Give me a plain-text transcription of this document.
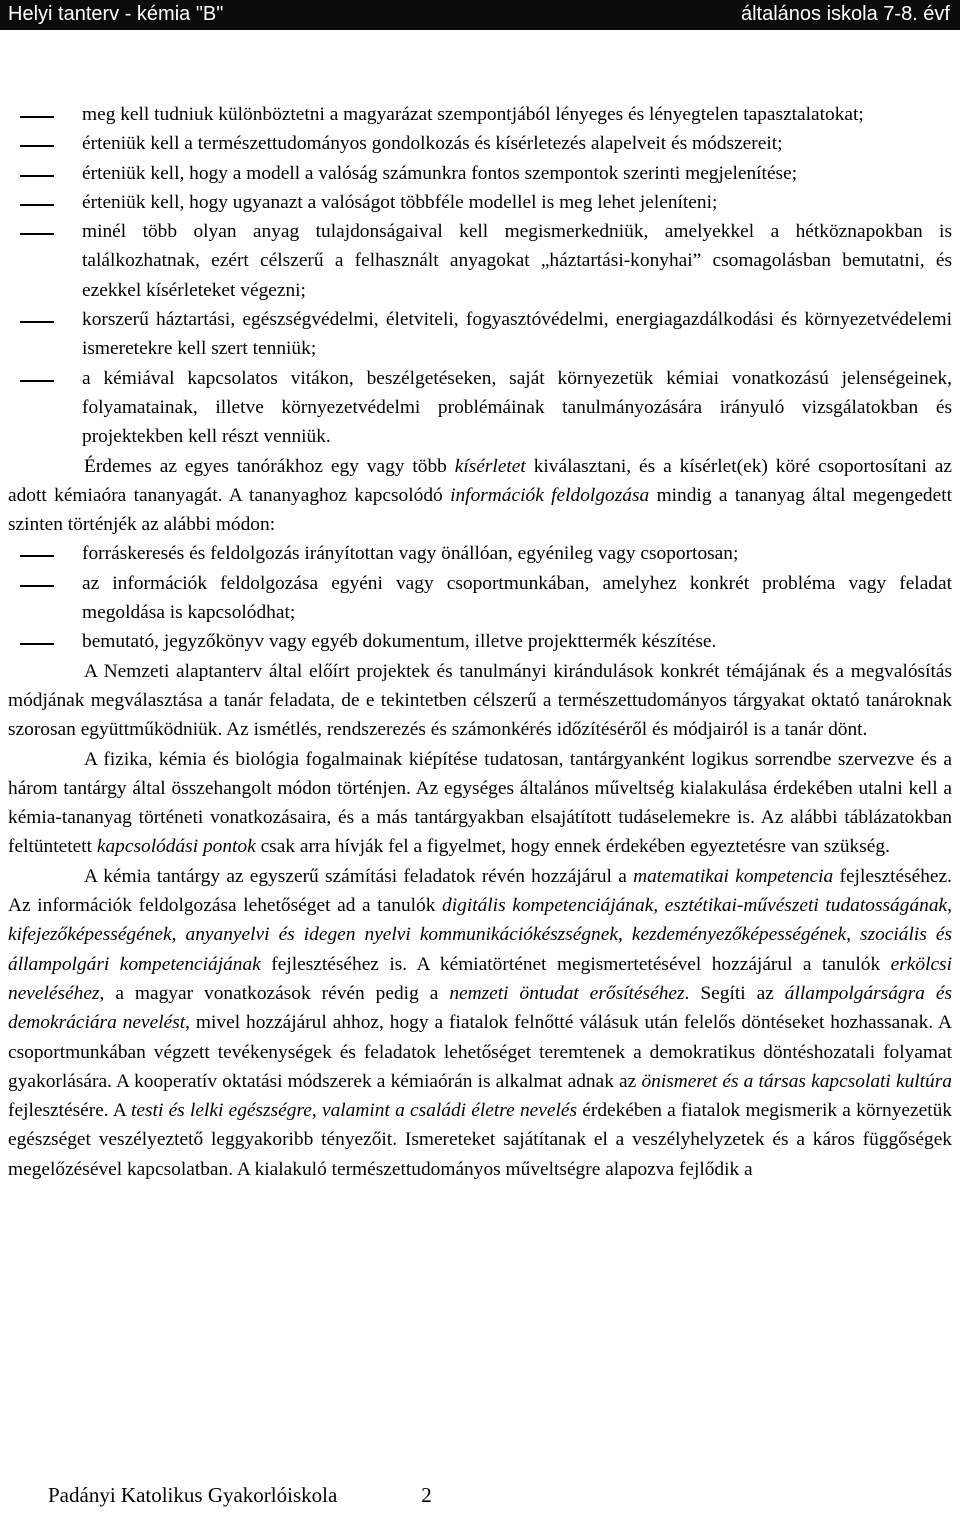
Helyi tanterv - kémia "B"	általános iskola 7-8. évf
meg kell tudniuk különböztetni a magyarázat szempontjából lényeges és lényegtelen tapasztalatokat;
érteniük kell a természettudományos gondolkozás és kísérletezés alapelveit és módszereit;
érteniük kell, hogy a modell a valóság számunkra fontos szempontok szerinti megjelenítése;
érteniük kell, hogy ugyanazt a valóságot többféle modellel is meg lehet jeleníteni;
minél több olyan anyag tulajdonságaival kell megismerkedniük, amelyekkel a hétköznapokban is találkozhatnak, ezért célszerű a felhasznált anyagokat „háztartási-konyhai” csomagolásban bemutatni, és ezekkel kísérleteket végezni;
korszerű háztartási, egészségvédelmi, életviteli, fogyasztóvédelmi, energiagazdálkodási és környezetvédelemi ismeretekre kell szert tenniük;
a kémiával kapcsolatos vitákon, beszélgetéseken, saját környezetük kémiai vonatkozású jelenségeinek, folyamatainak, illetve környezetvédelmi problémáinak tanulmányozására irányuló vizsgálatokban és projektekben kell részt venniük.

Érdemes az egyes tanórákhoz egy vagy több kísérletet kiválasztani, és a kísérlet(ek) köré csoportosítani az adott kémiaóra tananyagát. A tananyaghoz kapcsolódó információk feldolgozása mindig a tananyag által megengedett szinten történjék az alábbi módon:

forráskeresés és feldolgozás irányítottan vagy önállóan, egyénileg vagy csoportosan;
az információk feldolgozása egyéni vagy csoportmunkában, amelyhez konkrét probléma vagy feladat megoldása is kapcsolódhat;
bemutató, jegyzőkönyv vagy egyéb dokumentum, illetve projekttermék készítése.

A Nemzeti alaptanterv által előírt projektek és tanulmányi kirándulások konkrét témájának és a megvalósítás módjának megválasztása a tanár feladata, de e tekintetben célszerű a természettudományos tárgyakat oktató tanároknak szorosan együttműködniük. Az ismétlés, rendszerezés és számonkérés időzítéséről és módjairól is a tanár dönt.

A fizika, kémia és biológia fogalmainak kiépítése tudatosan, tantárgyanként logikus sorrendbe szervezve és a három tantárgy által összehangolt módon történjen. Az egységes általános műveltség kialakulása érdekében utalni kell a kémia-tananyag történeti vonatkozásaira, és a más tantárgyakban elsajátított tudáselemekre is. Az alábbi táblázatokban feltüntetett kapcsolódási pontok csak arra hívják fel a figyelmet, hogy ennek érdekében egyeztetésre van szükség.

A kémia tantárgy az egyszerű számítási feladatok révén hozzájárul a matematikai kompetencia fejlesztéséhez. Az információk feldolgozása lehetőséget ad a tanulók digitális kompetenciájának, esztétikai-művészeti tudatosságának, kifejezőképességének, anyanyelvi és idegen nyelvi kommunikációkészségnek, kezdeményezőképességének, szociális és állampolgári kompetenciájának fejlesztéséhez is. A kémiatörténet megismertetésével hozzájárul a tanulók erkölcsi neveléséhez, a magyar vonatkozások révén pedig a nemzeti öntudat erősítéséhez. Segíti az állampolgárságra és demokráciára nevelést, mivel hozzájárul ahhoz, hogy a fiatalok felnőtté válásuk után felelős döntéseket hozhassanak. A csoportmunkában végzett tevékenységek és feladatok lehetőséget teremtenek a demokratikus döntéshozatali folyamat gyakorlására. A kooperatív oktatási módszerek a kémiaórán is alkalmat adnak az önismeret és a társas kapcsolati kultúra fejlesztésére. A testi és lelki egészségre, valamint a családi életre nevelés érdekében a fiatalok megismerik a környezetük egészséget veszélyeztető leggyakoribb tényezőit. Ismereteket sajátítanak el a veszélyhelyzetek és a káros függőségek megelőzésével kapcsolatban. A kialakuló természettudományos műveltségre alapozva fejlődik a

Padányi Katolikus Gyakorlóiskola	2
